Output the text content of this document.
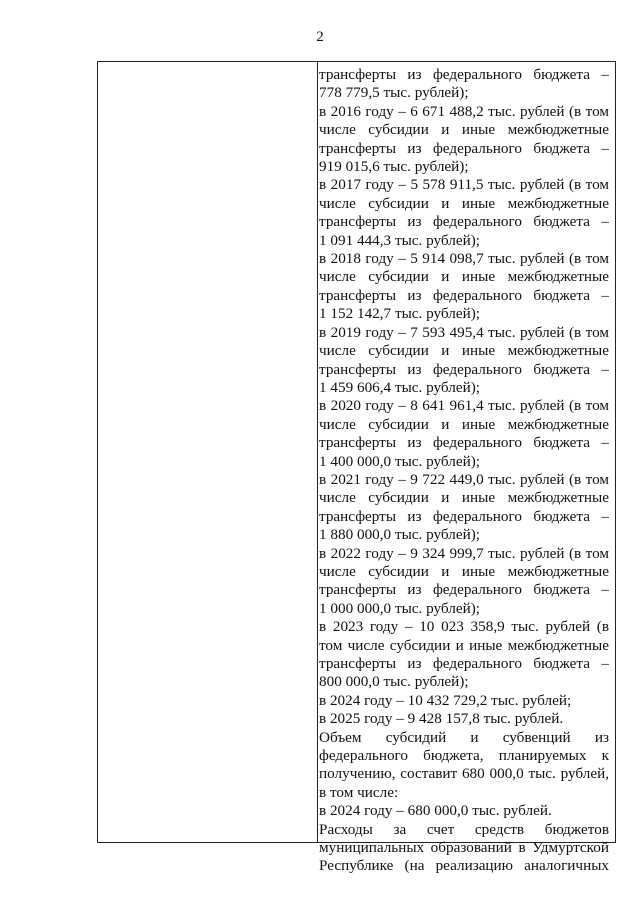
2
трансферты из федерального бюджета –
778 779,5 тыс. рублей);
в 2016 году – 6 671 488,2 тыс. рублей (в том
числе субсидии и иные межбюджетные
трансферты из федерального бюджета –
919 015,6 тыс. рублей);
в 2017 году – 5 578 911,5 тыс. рублей (в том
числе субсидии и иные межбюджетные
трансферты из федерального бюджета –
1 091 444,3 тыс. рублей);
в 2018 году – 5 914 098,7 тыс. рублей (в том
числе субсидии и иные межбюджетные
трансферты из федерального бюджета –
1 152 142,7 тыс. рублей);
в 2019 году – 7 593 495,4 тыс. рублей (в том
числе субсидии и иные межбюджетные
трансферты из федерального бюджета –
1 459 606,4 тыс. рублей);
в 2020 году – 8 641 961,4 тыс. рублей (в том
числе субсидии и иные межбюджетные
трансферты из федерального бюджета –
1 400 000,0 тыс. рублей);
в 2021 году – 9 722 449,0 тыс. рублей (в том
числе субсидии и иные межбюджетные
трансферты из федерального бюджета –
1 880 000,0 тыс. рублей);
в 2022 году – 9 324 999,7 тыс. рублей (в том
числе субсидии и иные межбюджетные
трансферты из федерального бюджета –
1 000 000,0 тыс. рублей);
в 2023 году – 10 023 358,9 тыс. рублей (в
том числе субсидии и иные межбюджетные
трансферты из федерального бюджета –
800 000,0 тыс. рублей);
в 2024 году – 10 432 729,2 тыс. рублей;
в 2025 году – 9 428 157,8 тыс. рублей.
Объем субсидий и субвенций из
федерального бюджета, планируемых к
получению, составит 680 000,0 тыс. рублей,
в том числе:
в 2024 году – 680 000,0 тыс. рублей.
Расходы за счет средств бюджетов
муниципальных образований в Удмуртской
Республике (на реализацию аналогичных
